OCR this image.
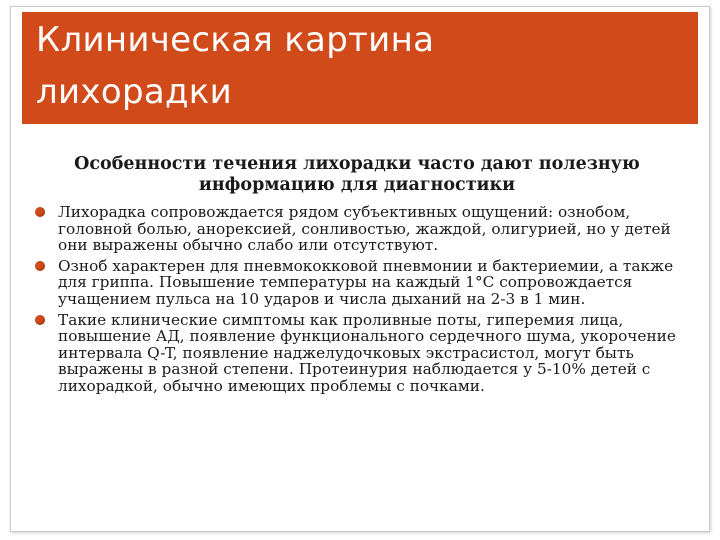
Клиническая картина
лихорадки
Особенности течения лихорадки часто дают полезную информацию для диагностики
Лихорадка сопровождается рядом субъективных ощущений: ознобом, головной болью, анорексией, сонливостью, жаждой, олигурией, но у детей они выражены обычно слабо или отсутствуют.
Озноб характерен для пневмококковой пневмонии и бактериемии, а также для гриппа. Повышение температуры на каждый 1°С сопровождается учащением пульса на 10 ударов и числа дыханий на 2-3 в 1 мин.
Такие клинические симптомы как проливные поты, гиперемия лица, повышение АД, появление функционального сердечного шума, укорочение интервала Q-T, появление наджелудочковых экстрасистол, могут быть выражены в разной степени. Протеинурия наблюдается у 5-10% детей с лихорадкой, обычно имеющих проблемы с почками.
